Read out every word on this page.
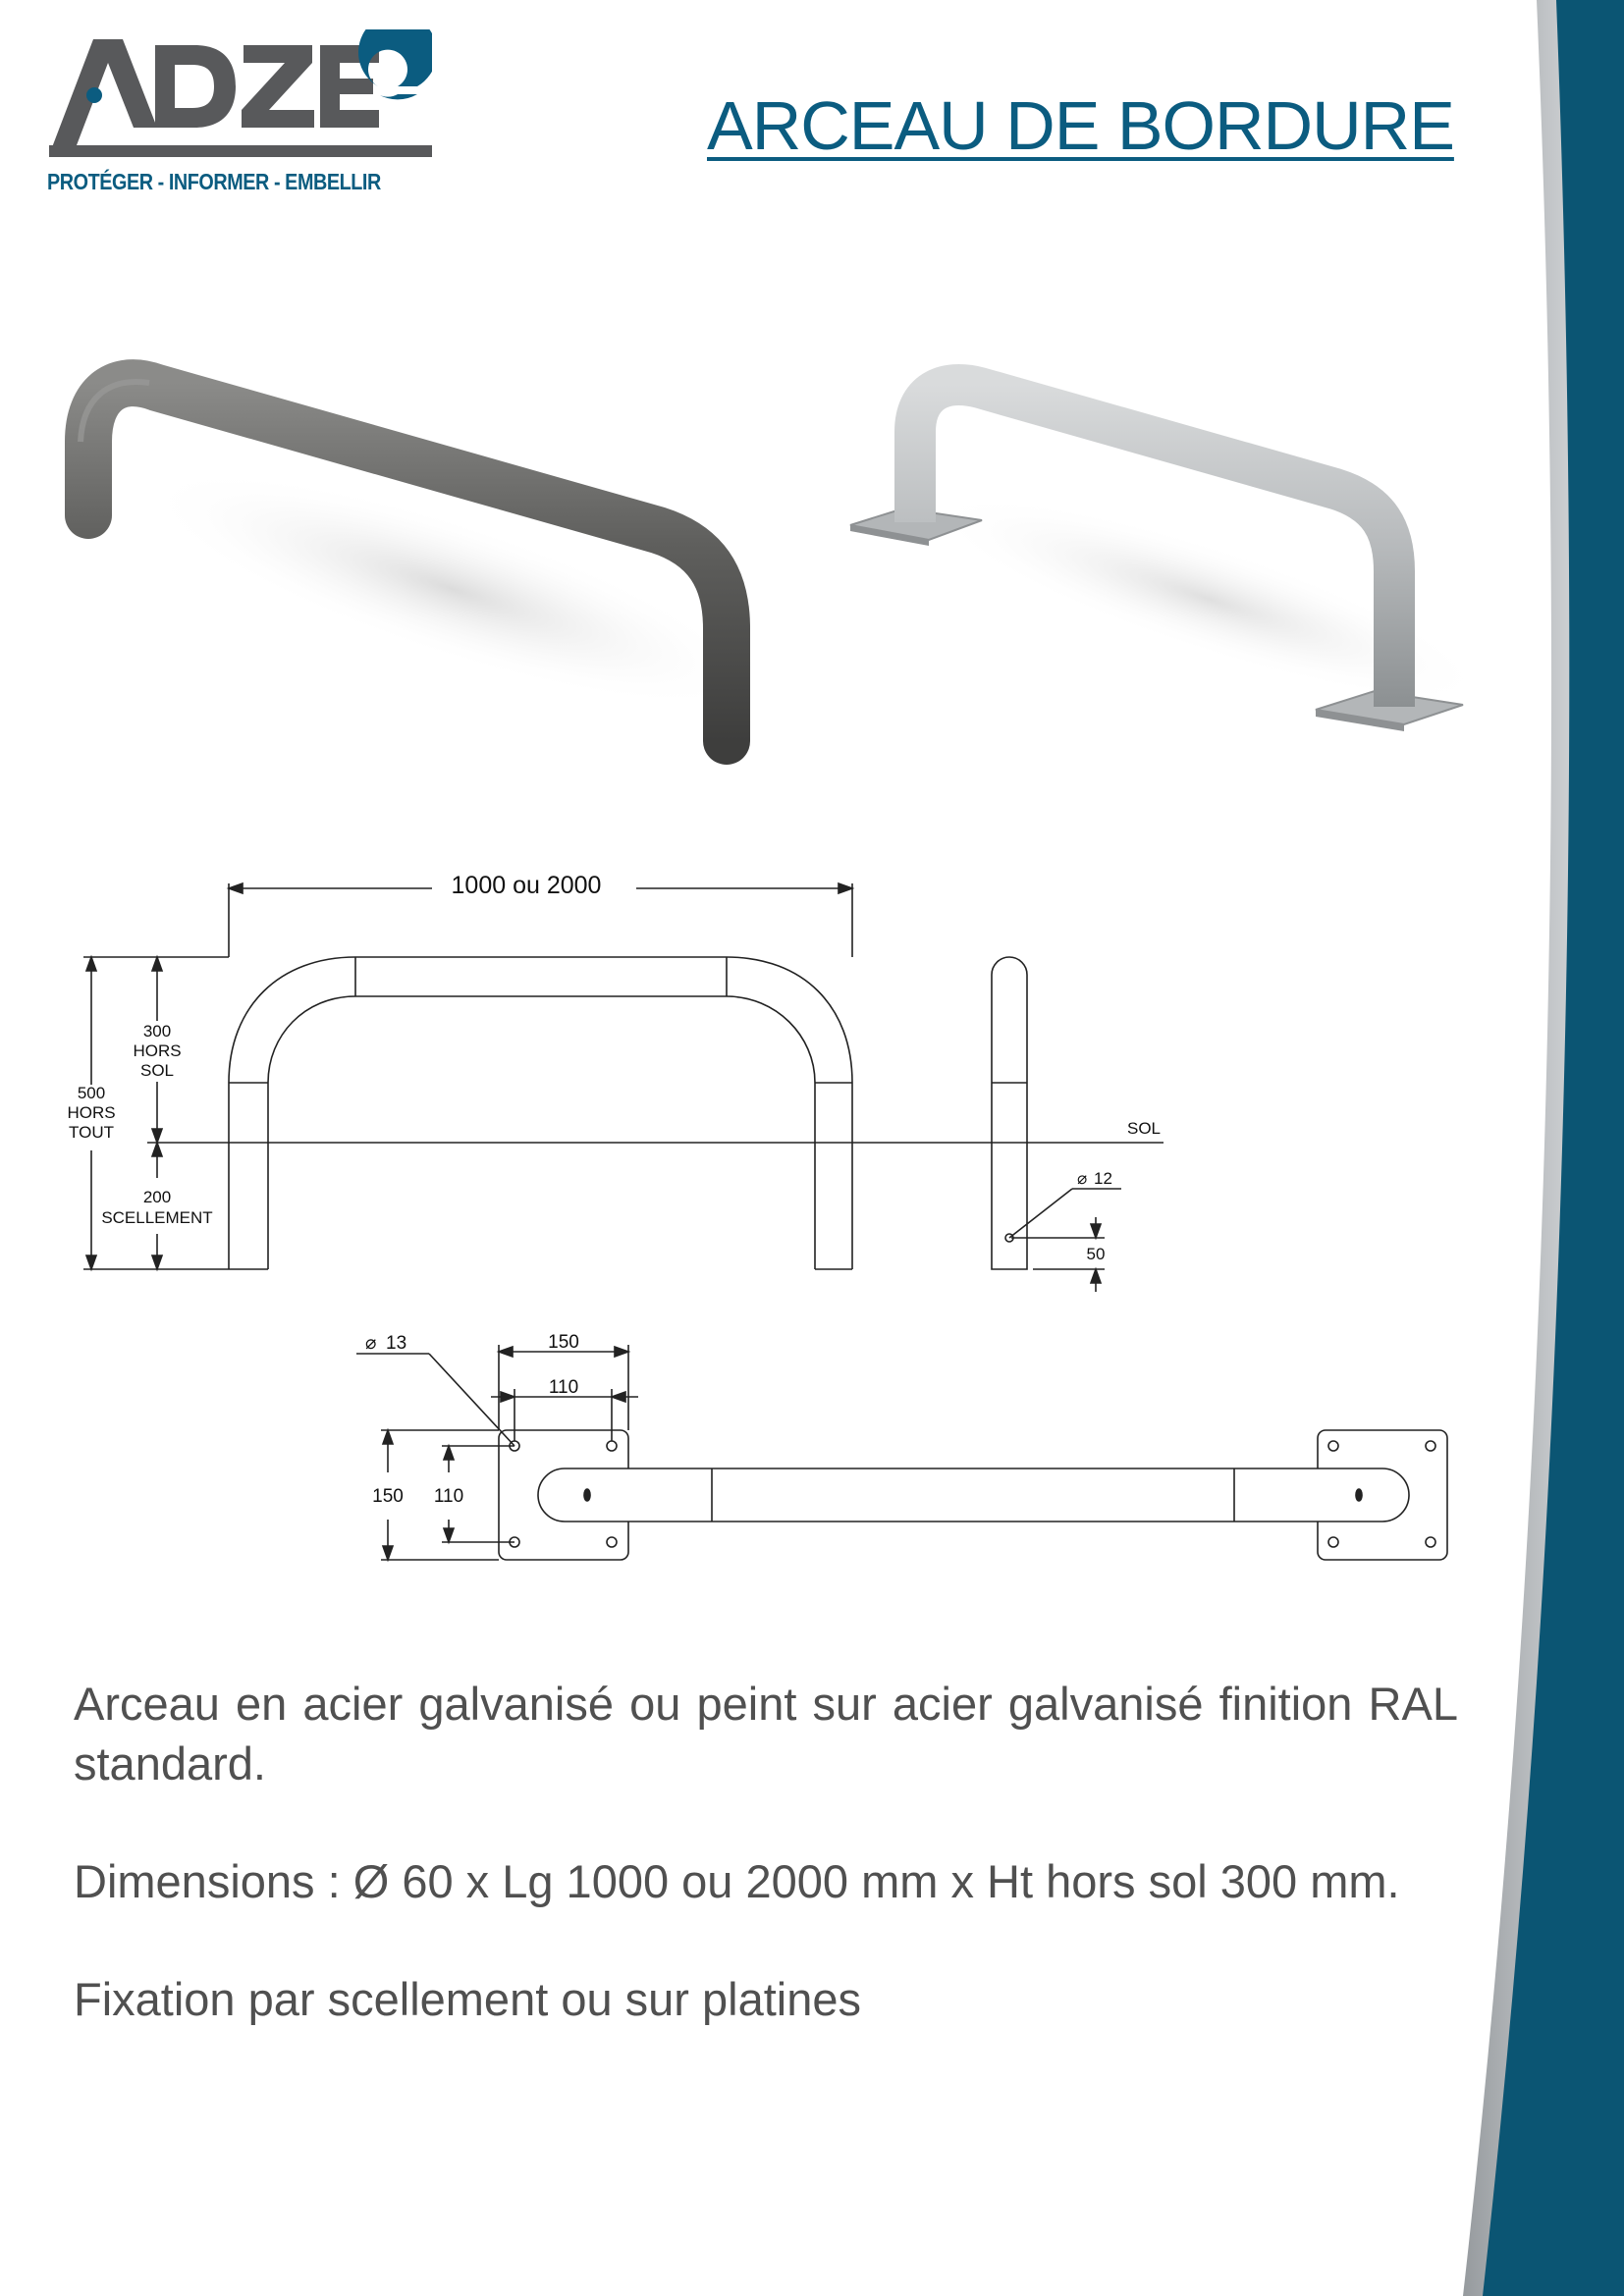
PROTÉGER - INFORMER - EMBELLIR
ARCEAU DE BORDURE
1000 ou 2000
300
HORS
SOL
500
HORS
TOUT
200
SCELLEMENT
SOL
⌀ 12
50
⌀ 13	150
110
150 110

Arceau en acier galvanisé ou peint sur acier galvanisé finition RAL standard.

Dimensions : Ø 60 x Lg 1000 ou 2000 mm x Ht hors sol 300 mm.

Fixation par scellement ou sur platines
